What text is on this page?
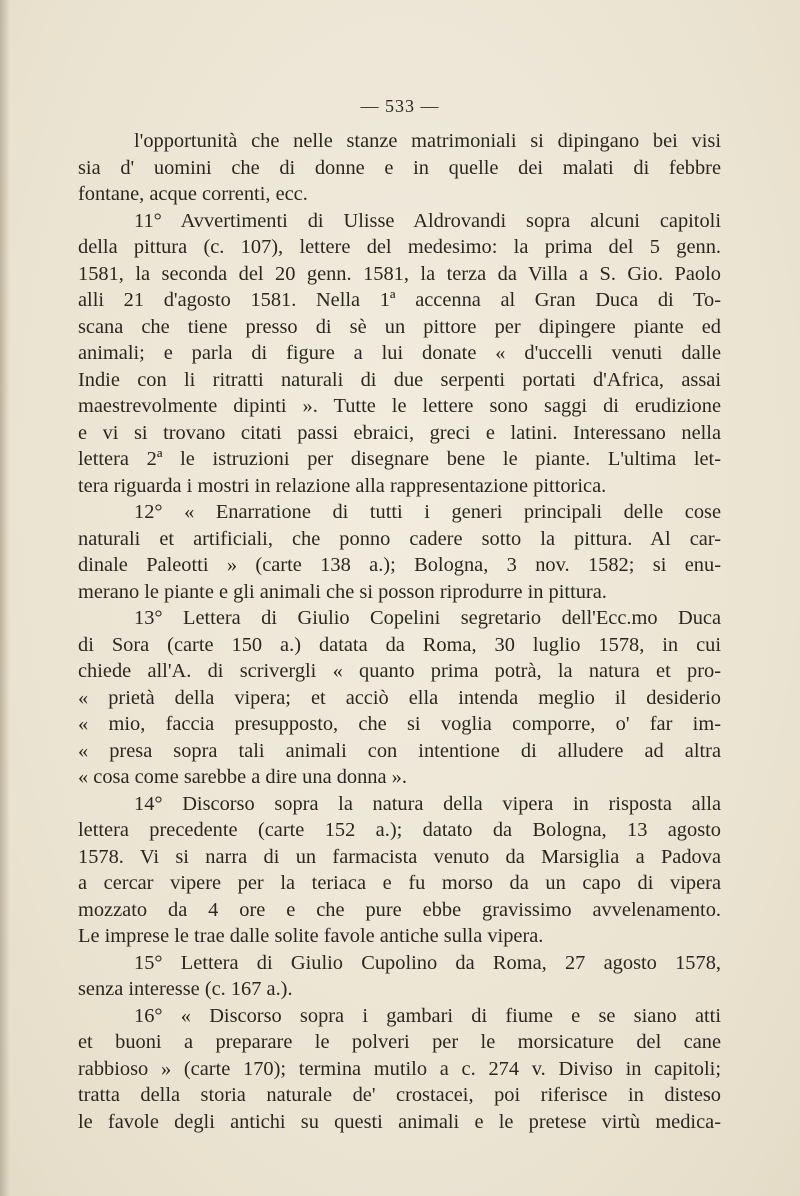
— 533 —
l'opportunità che nelle stanze matrimoniali si dipingano bei visi
sia d' uomini che di donne e in quelle dei malati di febbre
fontane, acque correnti, ecc.
11° Avvertimenti di Ulisse Aldrovandi sopra alcuni capitoli
della pittura (c. 107), lettere del medesimo: la prima del 5 genn.
1581, la seconda del 20 genn. 1581, la terza da Villa a S. Gio. Paolo
alli 21 d'agosto 1581. Nella 1ª accenna al Gran Duca di To-
scana che tiene presso di sè un pittore per dipingere piante ed
animali; e parla di figure a lui donate « d'uccelli venuti dalle
Indie con li ritratti naturali di due serpenti portati d'Africa, assai
maestrevolmente dipinti ». Tutte le lettere sono saggi di erudizione
e vi si trovano citati passi ebraici, greci e latini. Interessano nella
lettera 2ª le istruzioni per disegnare bene le piante. L'ultima let-
tera riguarda i mostri in relazione alla rappresentazione pittorica.
12° « Enarratione di tutti i generi principali delle cose
naturali et artificiali, che ponno cadere sotto la pittura. Al car-
dinale Paleotti » (carte 138 a.); Bologna, 3 nov. 1582; si enu-
merano le piante e gli animali che si posson riprodurre in pittura.
13° Lettera di Giulio Copelini segretario dell'Ecc.mo Duca
di Sora (carte 150 a.) datata da Roma, 30 luglio 1578, in cui
chiede all'A. di scrivergli « quanto prima potrà, la natura et pro-
« prietà della vipera; et acciò ella intenda meglio il desiderio
« mio, faccia presupposto, che si voglia comporre, o' far im-
« presa sopra tali animali con intentione di alludere ad altra
« cosa come sarebbe a dire una donna ».
14° Discorso sopra la natura della vipera in risposta alla
lettera precedente (carte 152 a.); datato da Bologna, 13 agosto
1578. Vi si narra di un farmacista venuto da Marsiglia a Padova
a cercar vipere per la teriaca e fu morso da un capo di vipera
mozzato da 4 ore e che pure ebbe gravissimo avvelenamento.
Le imprese le trae dalle solite favole antiche sulla vipera.
15° Lettera di Giulio Cupolino da Roma, 27 agosto 1578,
senza interesse (c. 167 a.).
16° « Discorso sopra i gambari di fiume e se siano atti
et buoni a preparare le polveri per le morsicature del cane
rabbioso » (carte 170); termina mutilo a c. 274 v. Diviso in capitoli;
tratta della storia naturale de' crostacei, poi riferisce in disteso
le favole degli antichi su questi animali e le pretese virtù medica-
